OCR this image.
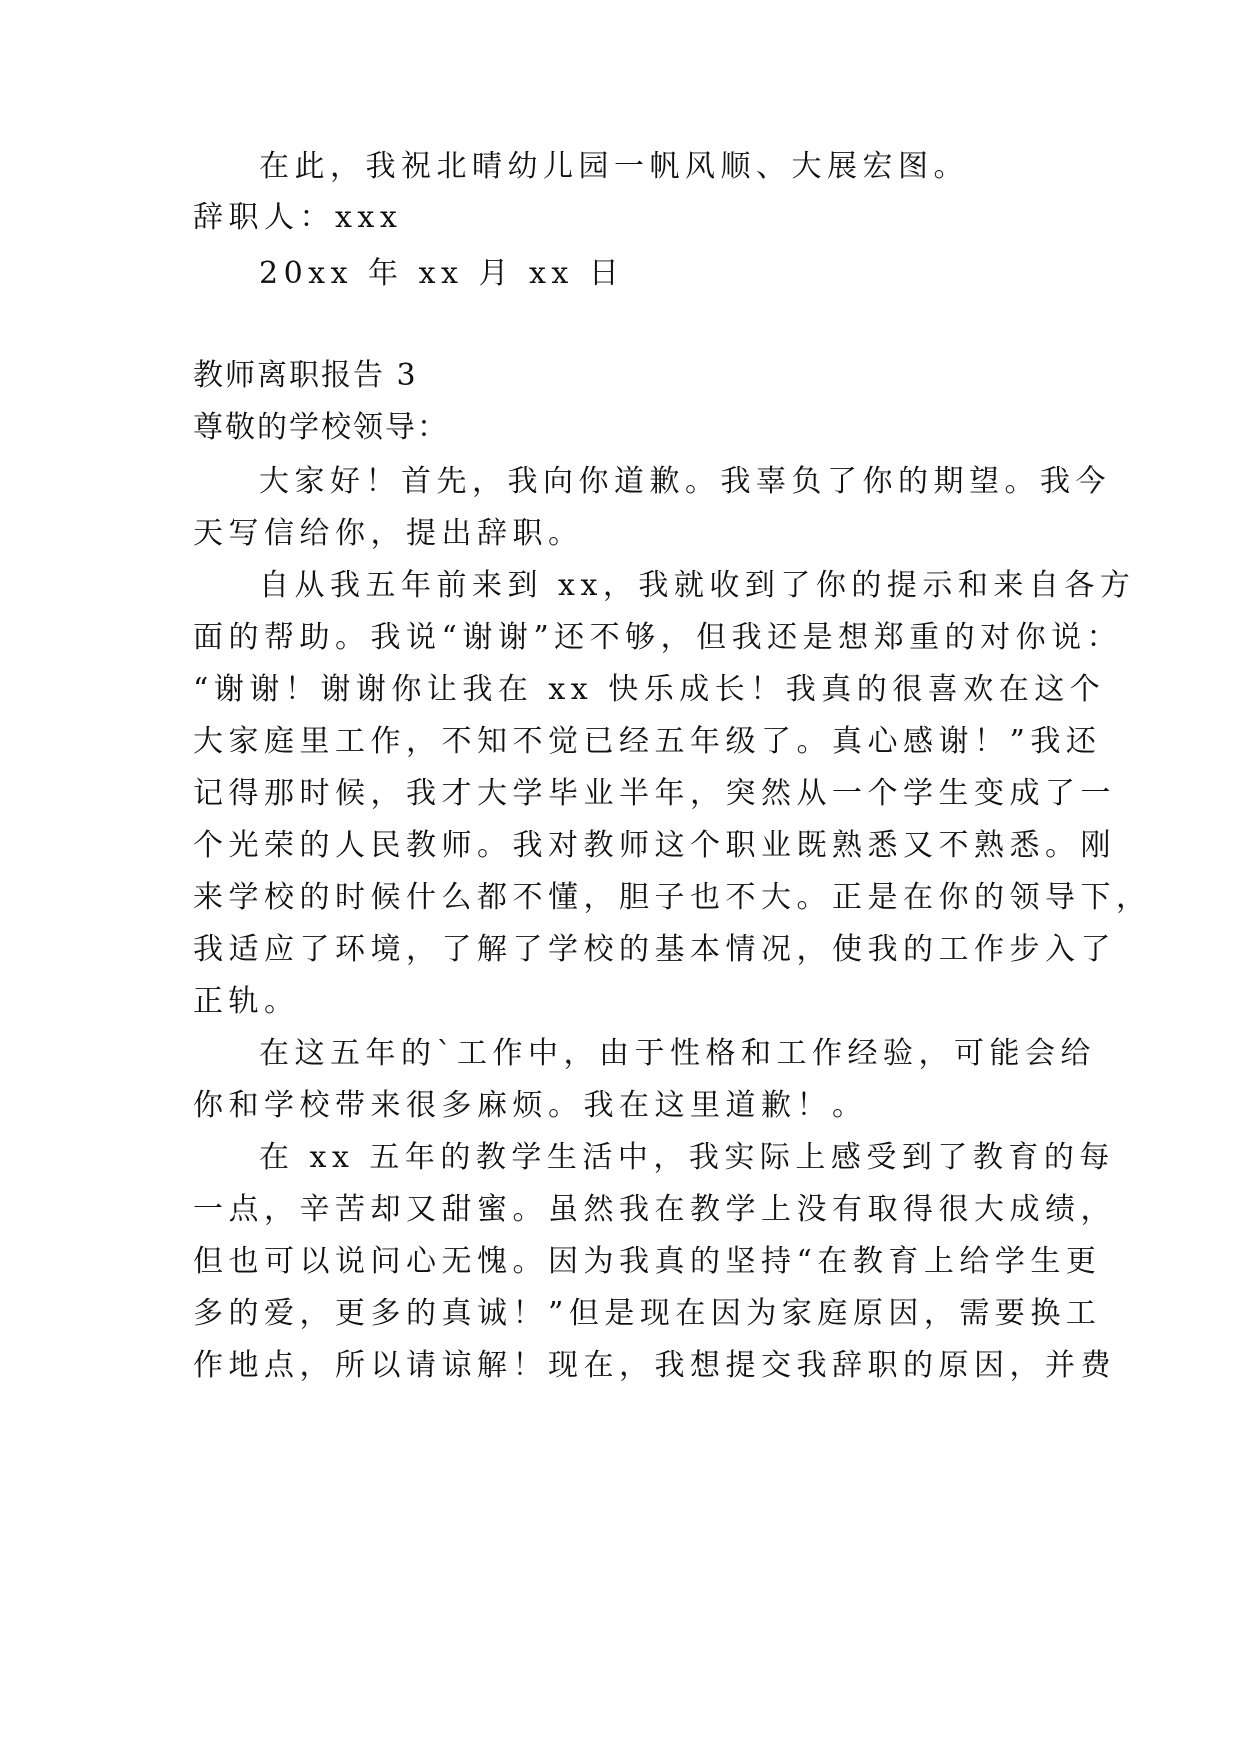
在此，我祝北晴幼儿园一帆风顺、大展宏图。
辞职人：xxx
20xx 年 xx 月 xx 日
教师离职报告 3
尊敬的学校领导：
大家好！首先，我向你道歉。我辜负了你的期望。我今
天写信给你，提出辞职。
自从我五年前来到 xx，我就收到了你的提示和来自各方
面的帮助。我说“谢谢”还不够，但我还是想郑重的对你说：
“谢谢！谢谢你让我在 xx 快乐成长！我真的很喜欢在这个
大家庭里工作，不知不觉已经五年级了。真心感谢！”我还
记得那时候，我才大学毕业半年，突然从一个学生变成了一
个光荣的人民教师。我对教师这个职业既熟悉又不熟悉。刚
来学校的时候什么都不懂，胆子也不大。正是在你的领导下，
我适应了环境，了解了学校的基本情况，使我的工作步入了
正轨。
在这五年的`工作中，由于性格和工作经验，可能会给
你和学校带来很多麻烦。我在这里道歉！。
在 xx 五年的教学生活中，我实际上感受到了教育的每
一点，辛苦却又甜蜜。虽然我在教学上没有取得很大成绩，
但也可以说问心无愧。因为我真的坚持“在教育上给学生更
多的爱，更多的真诚！”但是现在因为家庭原因，需要换工
作地点，所以请谅解！现在，我想提交我辞职的原因，并费
